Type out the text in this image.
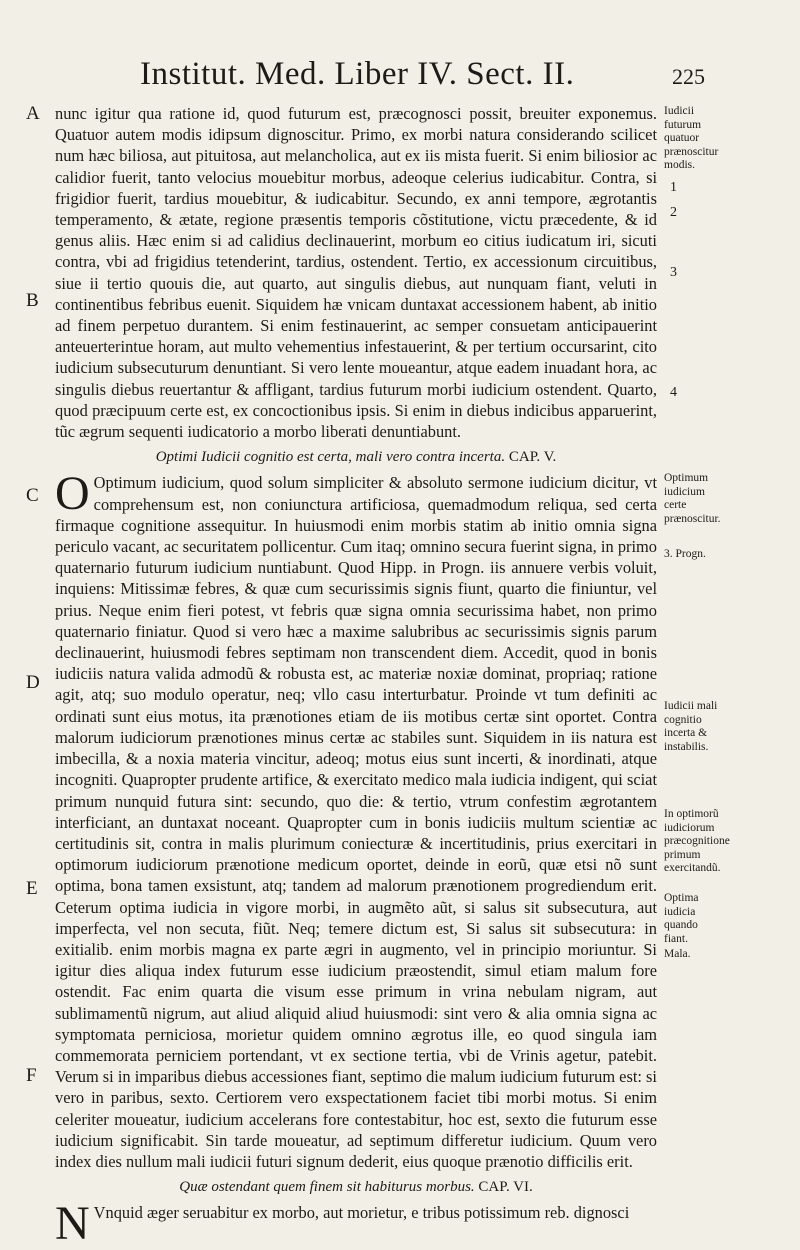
Institut. Med. Liber IV. Sect. II.	225
A
B
C
D
E
F

nunc igitur qua ratione id, quod futurum est, præcognosci possit, breuiter exponemus. Quatuor autem modis idipsum dignoscitur. Primo, ex morbi natura considerando scilicet num hæc biliosa, aut pituitosa, aut melancholica, aut ex iis mista fuerit. Si enim biliosior ac calidior fuerit, tanto velocius mouebitur morbus, adeoque celerius iudicabitur. Contra, si frigidior fuerit, tardius mouebitur, & iudicabitur. Secundo, ex anni tempore, ægrotantis temperamento, & ætate, regione præsentis temporis cõstitutione, victu præcedente, & id genus aliis. Hæc enim si ad calidius declinauerint, morbum eo citius iudicatum iri, sicuti contra, vbi ad frigidius tetenderint, tardius, ostendent. Tertio, ex accessionum circuitibus, siue ii tertio quouis die, aut quarto, aut singulis diebus, aut nunquam fiant, veluti in continentibus febribus euenit. Siquidem hæ vnicam duntaxat accessionem habent, ab initio ad finem perpetuo durantem. Si enim festinauerint, ac semper consuetam anticipauerint anteuerterintue horam, aut multo vehementius infestauerint, & per tertium occursarint, cito iudicium subsecuturum denuntiant. Si vero lente moueantur, atque eadem inuadant hora, ac singulis diebus reuertantur & affligant, tardius futurum morbi iudicium ostendent. Quarto, quod præcipuum certe est, ex concoctionibus ipsis. Si enim in diebus indicibus apparuerint, tũc ægrum sequenti iudicatorio a morbo liberati denuntiabunt.

Optimi Iudicii cognitio est certa, mali vero contra incerta. CAP. V.

O Optimum iudicium, quod solum simpliciter & absoluto sermone iudicium dicitur, vt comprehensum est, non coniunctura artificiosa, quemadmodum reliqua, sed certa firmaque cognitione assequitur. In huiusmodi enim morbis statim ab initio omnia signa periculo vacant, ac securitatem pollicentur. Cum itaq; omnino secura fuerint signa, in primo quaternario futurum iudicium nuntiabunt. Quod Hipp. in Progn. iis annuere verbis voluit, inquiens: Mitissimæ febres, & quæ cum securissimis signis fiunt, quarto die finiuntur, vel prius. Neque enim fieri potest, vt febris quæ signa omnia securissima habet, non primo quaternario finiatur. Quod si vero hæc a maxime salubribus ac securissimis signis parum declinauerint, huiusmodi febres septimam non transcendent diem. Accedit, quod in bonis iudiciis natura valida admodũ & robusta est, ac materiæ noxiæ dominat, propriaq; ratione agit, atq; suo modulo operatur, neq; vllo casu interturbatur. Proinde vt tum definiti ac ordinati sunt eius motus, ita prænotiones etiam de iis motibus certæ sint oportet. Contra malorum iudiciorum prænotiones minus certæ ac stabiles sunt. Siquidem in iis natura est imbecilla, & a noxia materia vincitur, adeoq; motus eius sunt incerti, & inordinati, atque incogniti. Quapropter prudente artifice, & exercitato medico mala iudicia indigent, qui sciat primum nunquid futura sint: secundo, quo die: & tertio, vtrum confestim ægrotantem interficiant, an duntaxat noceant. Quapropter cum in bonis iudiciis multum scientiæ ac certitudinis sit, contra in malis plurimum coniecturæ & incertitudinis, prius exercitari in optimorum iudiciorum prænotione medicum oportet, deinde in eorũ, quæ etsi nõ sunt optima, bona tamen exsistunt, atq; tandem ad malorum prænotionem progrediendum erit. Ceterum optima iudicia in vigore morbi, in augmẽto aũt, si salus sit subsecutura, aut imperfecta, vel non secuta, fiũt. Neq; temere dictum est, Si salus sit subsecutura: in exitialib. enim morbis magna ex parte ægri in augmento, vel in principio moriuntur. Si igitur dies aliqua index futurum esse iudicium præostendit, simul etiam malum fore ostendit. Fac enim quarta die visum esse primum in vrina nebulam nigram, aut sublimamentũ nigrum, aut aliud aliquid aliud huiusmodi: sint vero & alia omnia signa ac symptomata perniciosa, morietur quidem omnino ægrotus ille, eo quod singula iam commemorata perniciem portendant, vt ex sectione tertia, vbi de Vrinis agetur, patebit. Verum si in imparibus diebus accessiones fiant, septimo die malum iudicium futurum est: si vero in paribus, sexto. Certiorem vero exspectationem faciet tibi morbi motus. Si enim celeriter moueatur, iudicium accelerans fore contestabitur, hoc est, sexto die futurum esse iudicium significabit. Sin tarde moueatur, ad septimum differetur iudicium. Quum vero index dies nullum mali iudicii futuri signum dederit, eius quoque prænotio difficilis erit.

Quæ ostendant quem finem sit habiturus morbus. CAP. VI.

N Vnquid æger seruabitur ex morbo, aut morietur, e tribus potissimum reb. dignosci

Iudicii futurum quatuor prænoscitur modis.
1
2
3
4
Optimum iudicium certe prænoscitur.
3. Progn.
Iudicii mali cognitio incerta & instabilis.
In optimorũ iudiciorum præcognitione primum exercitandũ.
Optima iudicia quando fiant.
Mala.
